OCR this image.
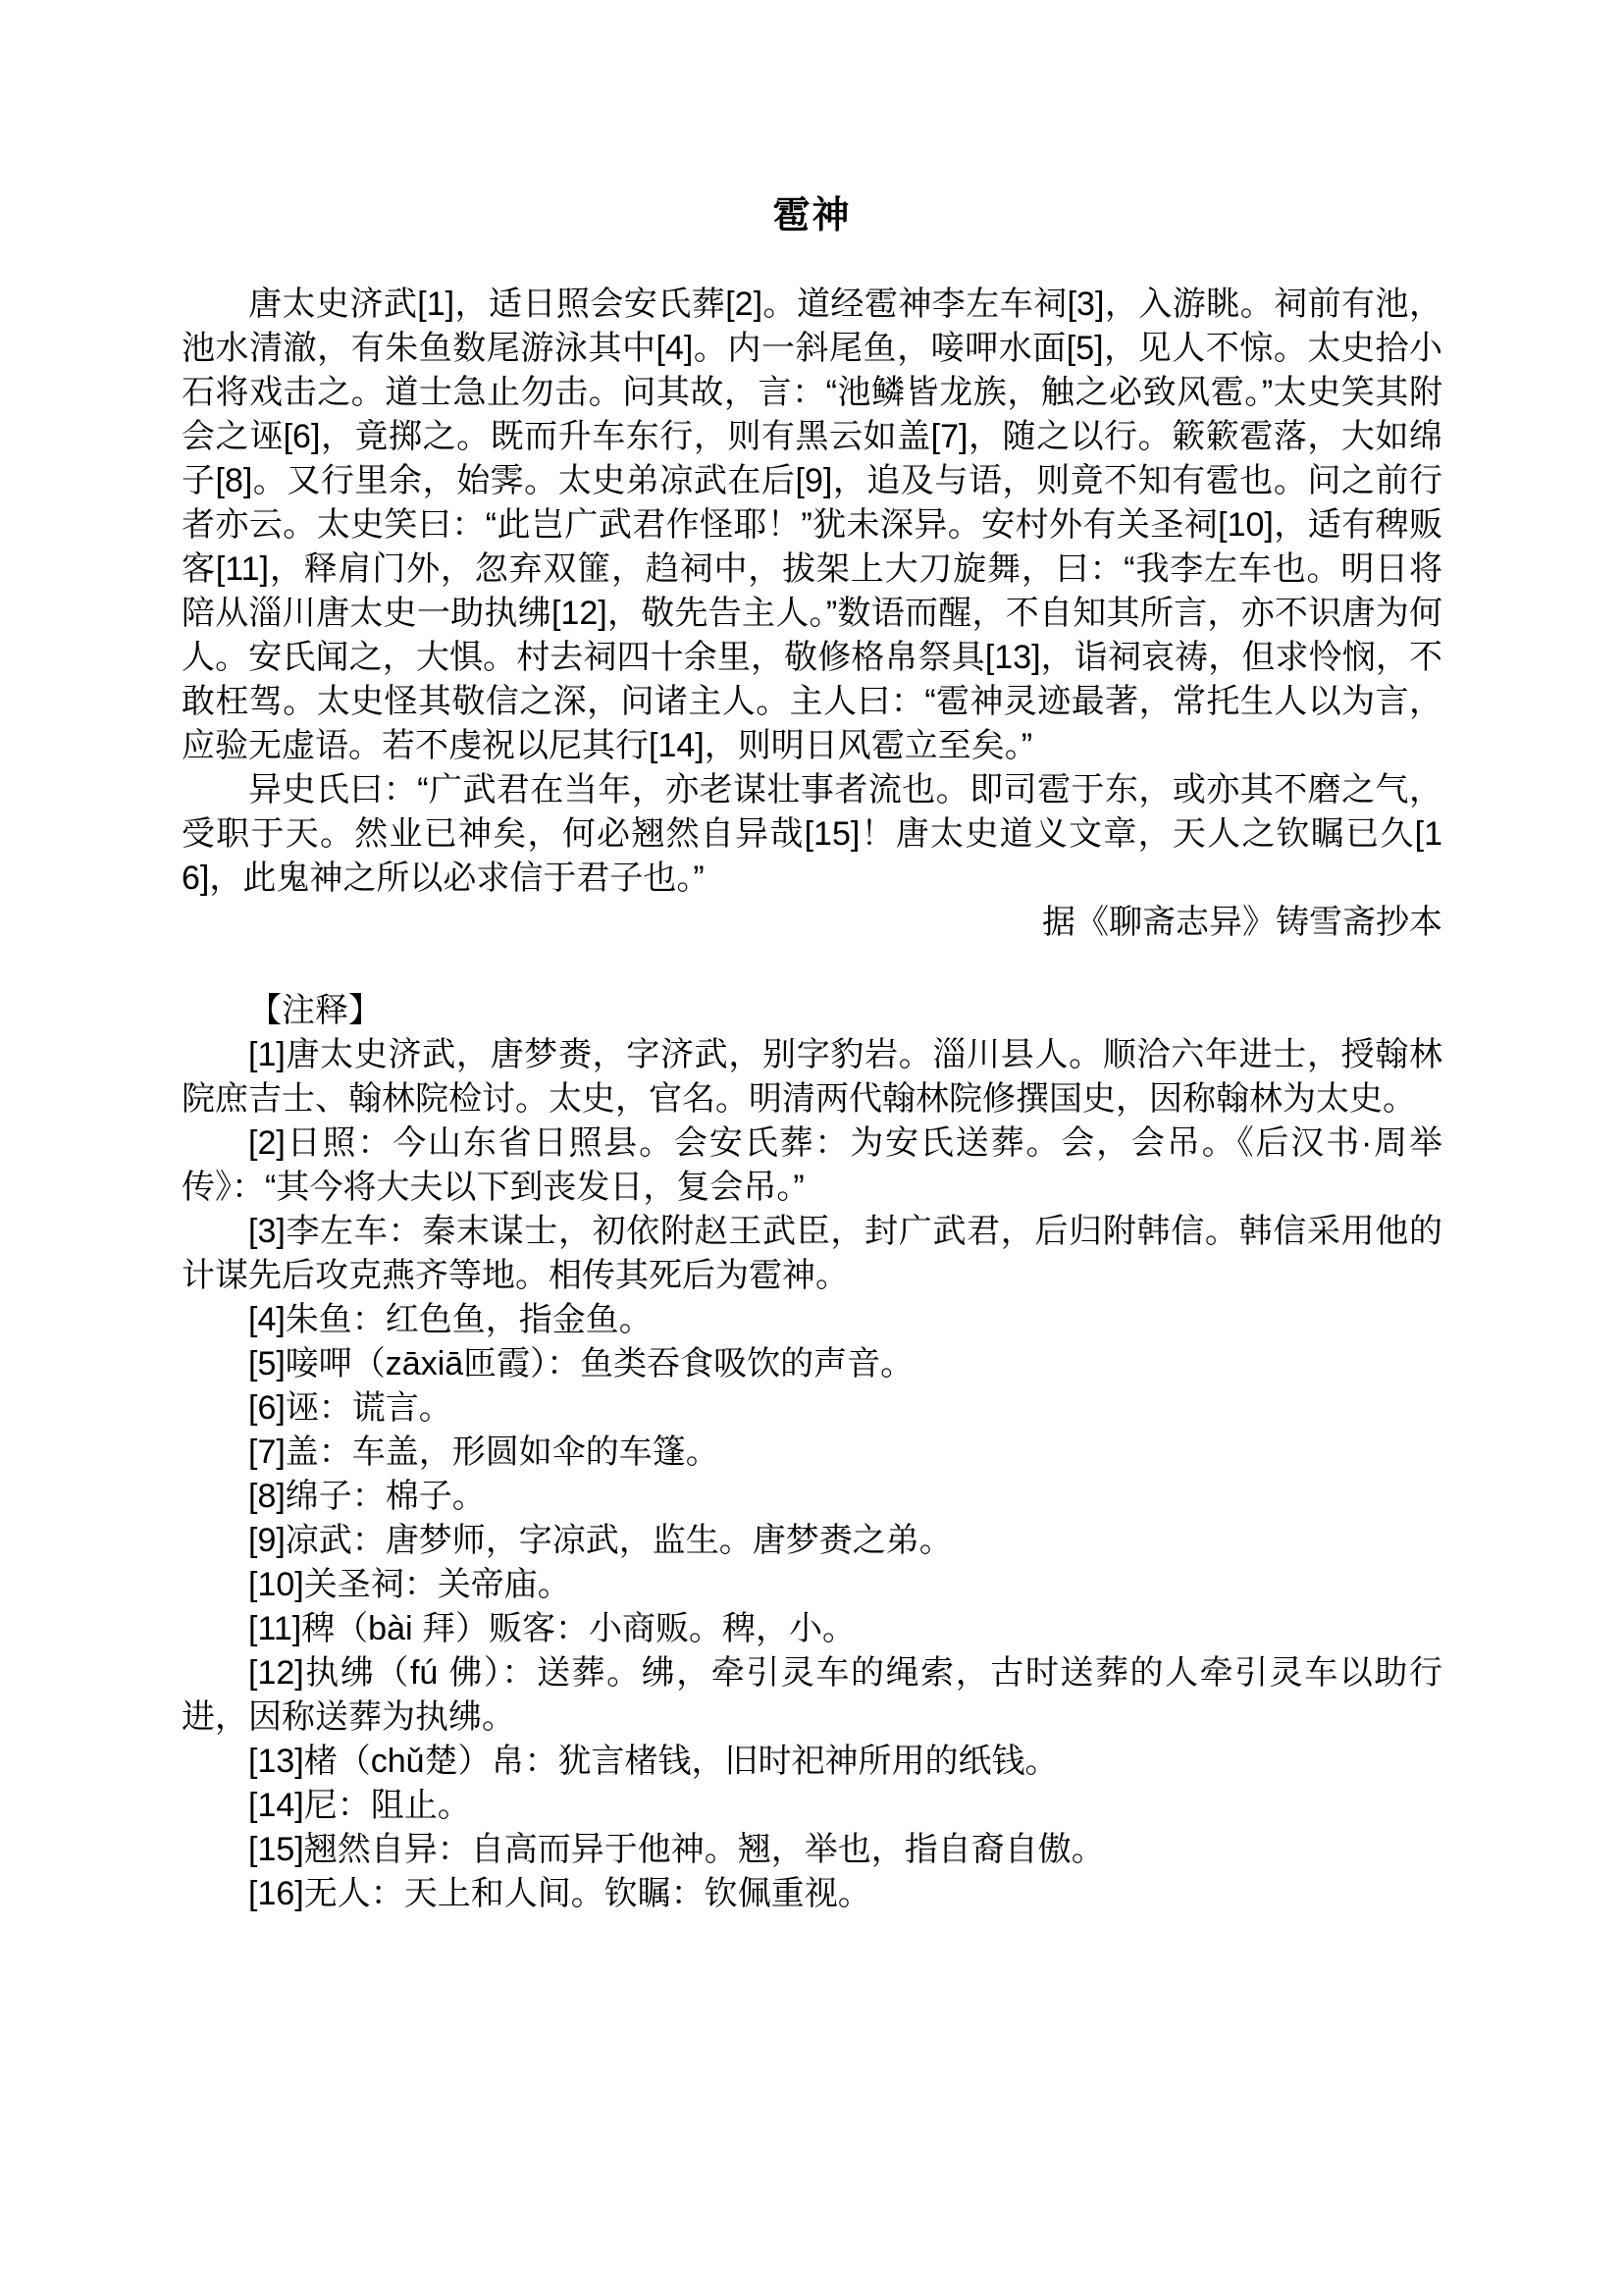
雹神

唐太史济武[1]，适日照会安氏葬[2]。道经雹神李左车祠[3]，入游眺。祠前有池，池水清澈，有朱鱼数尾游泳其中[4]。内一斜尾鱼，唼呷水面[5]，见人不惊。太史拾小石将戏击之。道士急止勿击。问其故，言：“池鳞皆龙族，触之必致风雹。”太史笑其附会之诬[6]，竟掷之。既而升车东行，则有黑云如盖[7]，随之以行。簌簌雹落，大如绵子[8]。又行里余，始霁。太史弟凉武在后[9]，追及与语，则竟不知有雹也。问之前行者亦云。太史笑曰：“此岂广武君作怪耶！”犹未深异。安村外有关圣祠[10]，适有稗贩客[11]，释肩门外，忽弃双篚，趋祠中，拔架上大刀旋舞，曰：“我李左车也。明日将陪从淄川唐太史一助执绋[12]，敬先告主人。”数语而醒，不自知其所言，亦不识唐为何人。安氏闻之，大惧。村去祠四十余里，敬修格帛祭具[13]，诣祠哀祷，但求怜悯，不敢枉驾。太史怪其敬信之深，问诸主人。主人曰：“雹神灵迹最著，常托生人以为言，应验无虚语。若不虔祝以尼其行[14]，则明日风雹立至矣。”

异史氏曰：“广武君在当年，亦老谋壮事者流也。即司雹于东，或亦其不磨之气，受职于天。然业已神矣，何必翘然自异哉[15]！唐太史道义文章，天人之钦瞩已久[16]，此鬼神之所以必求信于君子也。”

据《聊斋志异》铸雪斋抄本

【注释】

[1]唐太史济武，唐梦赉，字济武，别字豹岩。淄川县人。顺洽六年进士，授翰林院庶吉士、翰林院检讨。太史，官名。明清两代翰林院修撰国史，因称翰林为太史。

[2]日照：今山东省日照县。会安氏葬：为安氏送葬。会，会吊。《后汉书·周举传》：“其今将大夫以下到丧发日，复会吊。”

[3]李左车：秦末谋士，初依附赵王武臣，封广武君，后归附韩信。韩信采用他的计谋先后攻克燕齐等地。相传其死后为雹神。

[4]朱鱼：红色鱼，指金鱼。

[5]唼呷（zāxiā匝霞）：鱼类吞食吸饮的声音。

[6]诬：谎言。

[7]盖：车盖，形圆如伞的车篷。

[8]绵子：棉子。

[9]凉武：唐梦师，字凉武，监生。唐梦赉之弟。

[10]关圣祠：关帝庙。

[11]稗（bài 拜）贩客：小商贩。稗，小。

[12]执绋（fú 佛）：送葬。绋，牵引灵车的绳索，古时送葬的人牵引灵车以助行进，因称送葬为执绋。

[13]楮（chǔ楚）帛：犹言楮钱，旧时祀神所用的纸钱。

[14]尼：阻止。

[15]翘然自异：自高而异于他神。翘，举也，指自裔自傲。

[16]无人：天上和人间。钦瞩：钦佩重视。
